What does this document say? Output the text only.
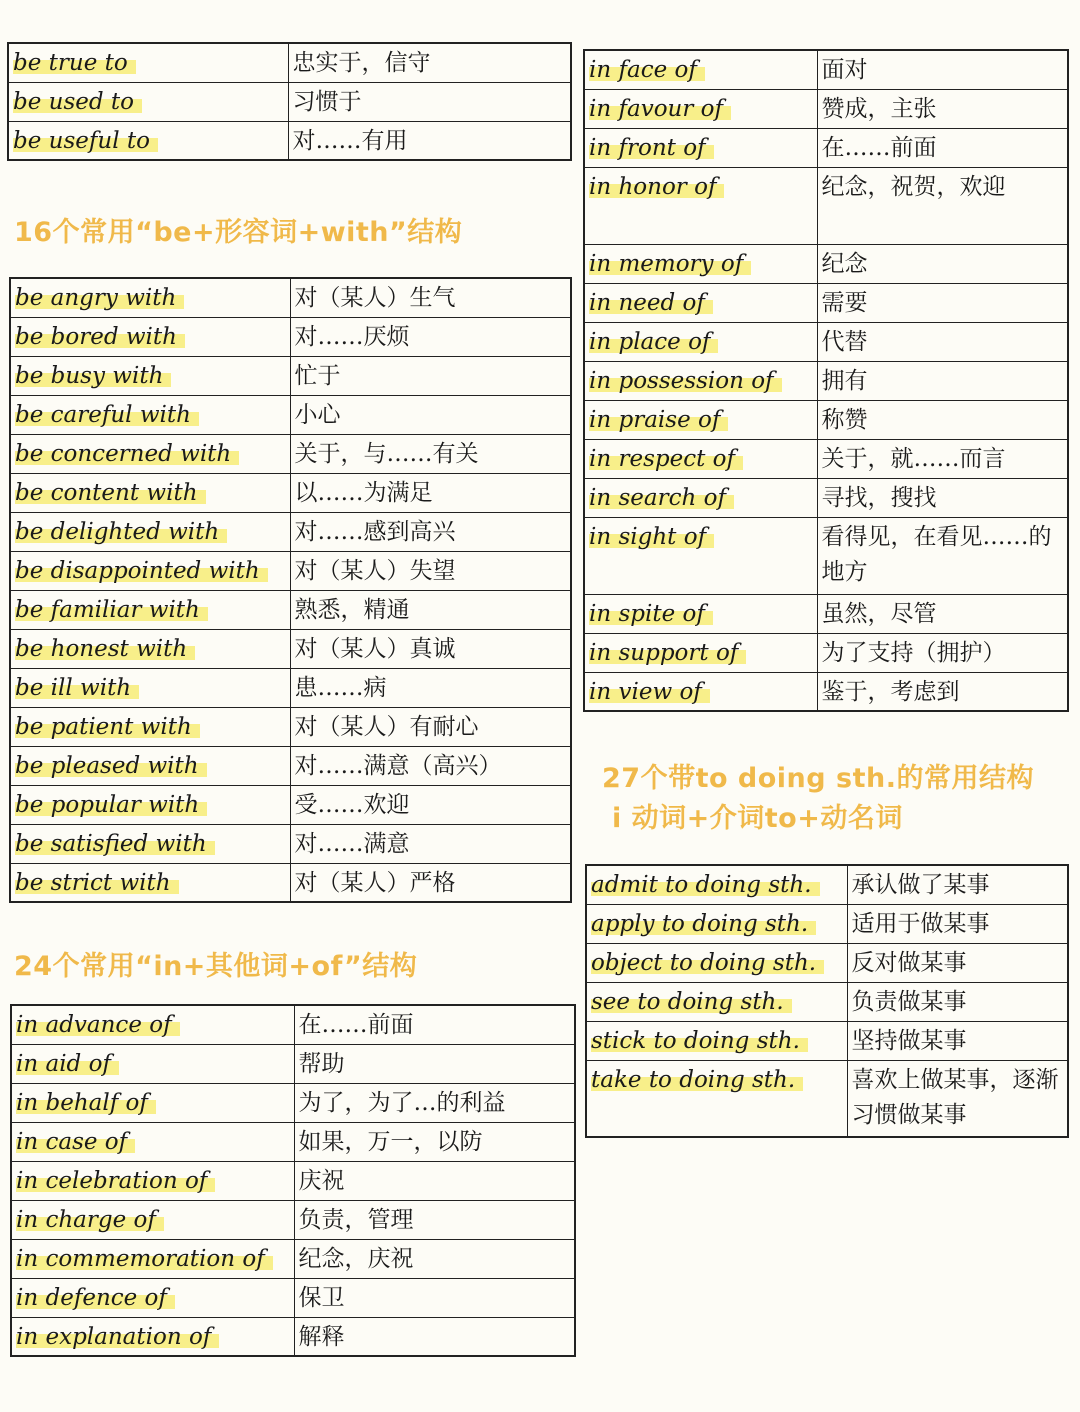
be true to	忠实于，信守
be used to	习惯于
be useful to	对……有用
16个常用“be+形容词+with”结构
be angry with	对（某人）生气
be bored with	对……厌烦
be busy with	忙于
be careful with	小心
be concerned with	关于，与……有关
be content with	以……为满足
be delighted with	对……感到高兴
be disappointed with	对（某人）失望
be familiar with	熟悉，精通
be honest with	对（某人）真诚
be ill with	患……病
be patient with	对（某人）有耐心
be pleased with	对……满意（高兴）
be popular with	受……欢迎
be satisfied with	对……满意
be strict with	对（某人）严格
24个常用“in+其他词+of”结构
in advance of	在……前面
in aid of	帮助
in behalf of	为了，为了…的利益
in case of	如果，万一，以防
in celebration of	庆祝
in charge of	负责，管理
in commemoration of	纪念，庆祝
in defence of	保卫
in explanation of	解释
in face of	面对
in favour of	赞成，主张
in front of	在……前面
in honor of	纪念，祝贺，欢迎
in memory of	纪念
in need of	需要
in place of	代替
in possession of	拥有
in praise of	称赞
in respect of	关于，就……而言
in search of	寻找，搜找
in sight of	看得见，在看见……的地方
in spite of	虽然，尽管
in support of	为了支持（拥护）
in view of	鉴于，考虑到
27个带to doing sth.的常用结构
i 动词+介词to+动名词
admit to doing sth.	承认做了某事
apply to doing sth.	适用于做某事
object to doing sth.	反对做某事
see to doing sth.	负责做某事
stick to doing sth.	坚持做某事
take to doing sth.	喜欢上做某事，逐渐习惯做某事
